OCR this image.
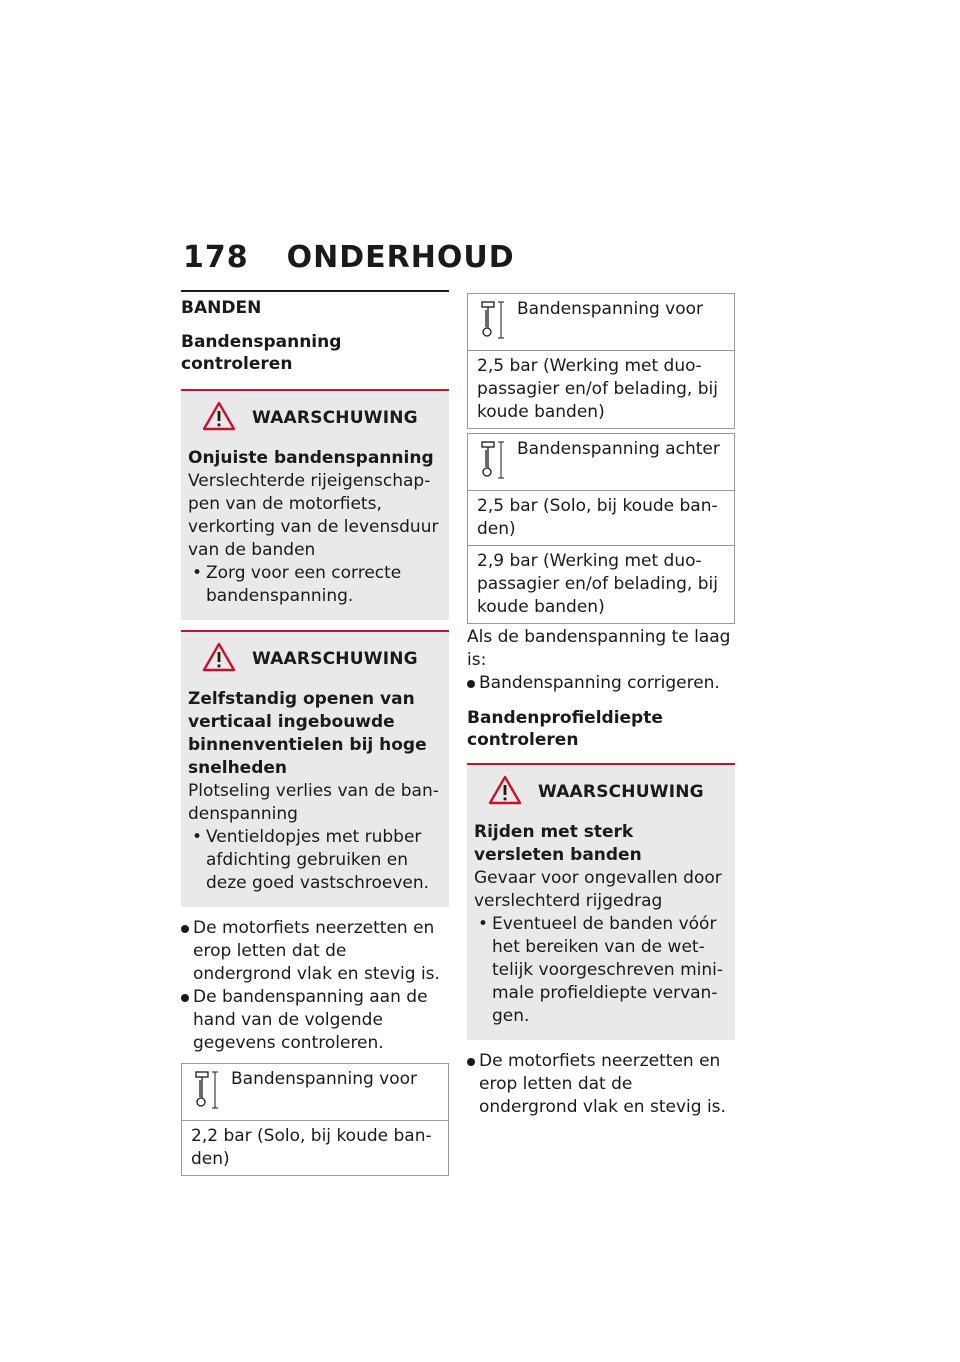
178 ONDERHOUD
BANDEN
Bandenspanning controleren
WAARSCHUWING
Onjuiste bandenspanning
Verslechterde rijeigenschappen van de motorfiets, verkorting van de levensduur van de banden
• Zorg voor een correcte bandenspanning.
WAARSCHUWING
Zelfstandig openen van verticaal ingebouwde binnenventielen bij hoge snelheden
Plotseling verlies van de bandenspanning
• Ventieldopjes met rubber afdichting gebruiken en deze goed vastschroeven.
De motorfiets neerzetten en erop letten dat de ondergrond vlak en stevig is.
De bandenspanning aan de hand van de volgende gegevens controleren.
Bandenspanning voor

2,2 bar (Solo, bij koude banden)
Bandenspanning voor

2,5 bar (Werking met duopassagier en/of belading, bij koude banden)
Bandenspanning achter

2,5 bar (Solo, bij koude banden)
2,9 bar (Werking met duopassagier en/of belading, bij koude banden)
Als de bandenspanning te laag is:
Bandenspanning corrigeren.
Bandenprofieldiepte controleren
WAARSCHUWING
Rijden met sterk versleten banden
Gevaar voor ongevallen door verslechterd rijgedrag
• Eventueel de banden vóór het bereiken van de wettelijk voorgeschreven minimale profieldiepte vervangen.
De motorfiets neerzetten en erop letten dat de ondergrond vlak en stevig is.
